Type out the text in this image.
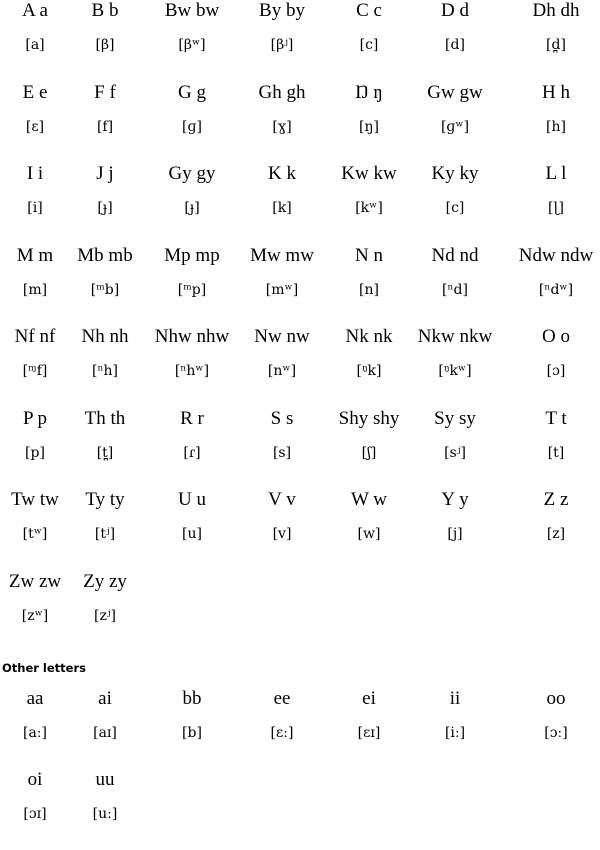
A a
[a]
B b
[β]
Bw bw
[βʷ]
By by
[βʲ]
C c
[c]
D d
[d]
Dh dh
[d̪]
E e
[ɛ]
F f
[f]
G g
[ɡ]
Gh gh
[ɣ]
Ŋ ŋ
[ŋ]
Gw gw
[ɡʷ]
H h
[h]
I i
[i]
J j
[ɟ]
Gy gy
[ɟ]
K k
[k]
Kw kw
[kʷ]
Ky ky
[c]
L l
[ɭ]
M m
[m]
Mb mb
[ᵐb]
Mp mp
[ᵐp]
Mw mw
[mʷ]
N n
[n]
Nd nd
[ⁿd]
Ndw ndw
[ⁿdʷ]
Nf nf
[ᶬf]
Nh nh
[ⁿh]
Nhw nhw
[ⁿhʷ]
Nw nw
[nʷ]
Nk nk
[ᵑk]
Nkw nkw
[ᵑkʷ]
O o
[ɔ]
P p
[p]
Th th
[t̪]
R r
[ɾ]
S s
[s]
Shy shy
[ʃ]
Sy sy
[sʲ]
T t
[t]
Tw tw
[tʷ]
Ty ty
[tʲ]
U u
[u]
V v
[v]
W w
[w]
Y y
[j]
Z z
[z]
Zw zw
[zʷ]
Zy zy
[zʲ]
Other letters
aa
[aː]
ai
[aɪ]
bb
[b]
ee
[ɛː]
ei
[ɛɪ]
ii
[iː]
oo
[ɔː]
oi
[ɔɪ]
uu
[uː]
